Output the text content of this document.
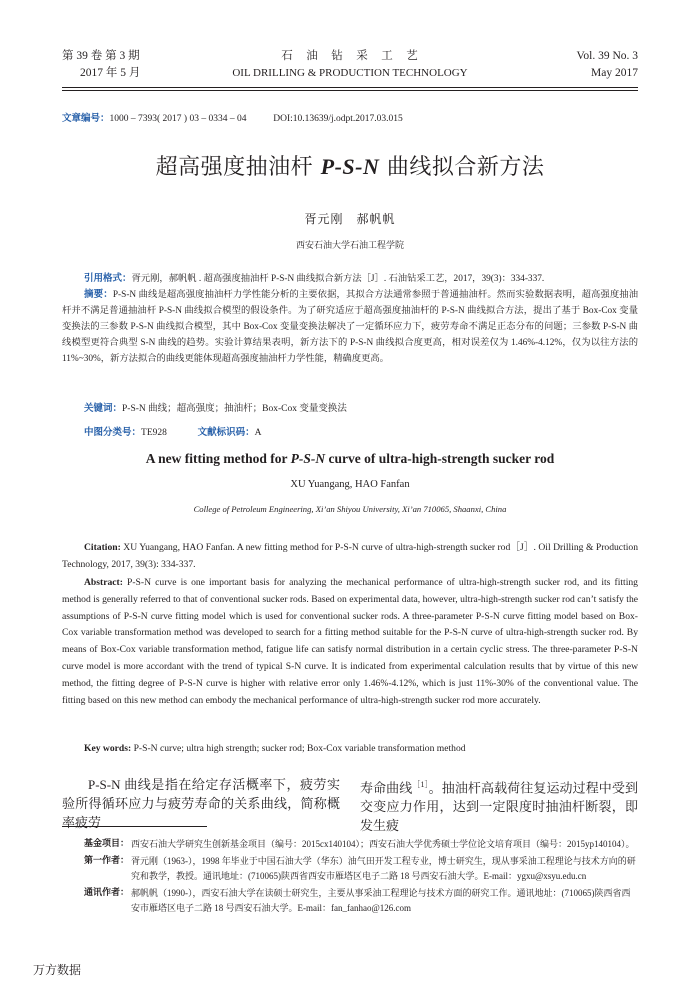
第 39 卷 第 3 期
2017 年 5 月
石　油　钻　采　工　艺
OIL DRILLING & PRODUCTION TECHNOLOGY
Vol. 39 No. 3
May 2017
文章编号：1000 – 7393( 2017 ) 03 – 0334 – 04	DOI:10.13639/j.odpt.2017.03.015
超高强度抽油杆 P-S-N 曲线拟合新方法
胥元刚　郝帆帆
西安石油大学石油工程学院
引用格式：胥元刚，郝帆帆 . 超高强度抽油杆 P-S-N 曲线拟合新方法［J］. 石油钻采工艺，2017，39(3)：334-337.
摘要：P-S-N 曲线是超高强度抽油杆力学性能分析的主要依据，其拟合方法通常参照于普通抽油杆。然而实验数据表明，超高强度抽油杆并不满足普通抽油杆 P-S-N 曲线拟合模型的假设条件。为了研究适应于超高强度抽油杆的 P-S-N 曲线拟合方法，提出了基于 Box-Cox 变量变换法的三参数 P-S-N 曲线拟合模型，其中 Box-Cox 变量变换法解决了一定循环应力下，疲劳寿命不满足正态分布的问题；三参数 P-S-N 曲线模型更符合典型 S-N 曲线的趋势。实验计算结果表明，新方法下的 P-S-N 曲线拟合度更高，相对误差仅为 1.46%-4.12%，仅为以往方法的 11%~30%，新方法拟合的曲线更能体现超高强度抽油杆力学性能，精确度更高。
关键词：P-S-N 曲线；超高强度；抽油杆；Box-Cox 变量变换法
中图分类号：TE928	文献标识码：A
A new fitting method for P-S-N curve of ultra-high-strength sucker rod
XU Yuangang, HAO Fanfan
College of Petroleum Engineering, Xi’an Shiyou University, Xi’an 710065, Shaanxi, China
Citation: XU Yuangang, HAO Fanfan. A new fitting method for P-S-N curve of ultra-high-strength sucker rod［J］. Oil Drilling & Production Technology, 2017, 39(3): 334-337.
Abstract: P-S-N curve is one important basis for analyzing the mechanical performance of ultra-high-strength sucker rod, and its fitting method is generally referred to that of conventional sucker rods. Based on experimental data, however, ultra-high-strength sucker rod can’t satisfy the assumptions of P-S-N curve fitting model which is used for conventional sucker rods. A three-parameter P-S-N curve fitting model based on Box-Cox variable transformation method was developed to search for a fitting method suitable for the P-S-N curve of ultra-high-strength sucker rod. By means of Box-Cox variable transformation method, fatigue life can satisfy normal distribution in a certain cyclic stress. The three-parameter P-S-N curve model is more accordant with the trend of typical S-N curve. It is indicated from experimental calculation results that by virtue of this new method, the fitting degree of P-S-N curve is higher with relative error only 1.46%-4.12%, which is just 11%-30% of the conventional value. The fitting based on this new method can embody the mechanical performance of ultra-high-strength sucker rod more accurately.
Key words: P-S-N curve; ultra high strength; sucker rod; Box-Cox variable transformation method
P-S-N 曲线是指在给定存活概率下，疲劳实验所得循环应力与疲劳寿命的关系曲线，简称概率疲劳
寿命曲线$^{[1]}$。抽油杆高载荷往复运动过程中受到交变应力作用，达到一定限度时抽油杆断裂，即发生疲
基金项目： 西安石油大学研究生创新基金项目（编号：2015cx140104）；西安石油大学优秀硕士学位论文培育项目（编号：2015yp140104）。
第一作者： 胥元刚（1963-），1998 年毕业于中国石油大学（华东）油气田开发工程专业，博士研究生，现从事采油工程理论与技术方向的研究和教学，教授。通讯地址：(710065)陕西省西安市雁塔区电子二路 18 号西安石油大学。E-mail：ygxu@xsyu.edu.cn
通讯作者： 郝帆帆（1990-），西安石油大学在读硕士研究生，主要从事采油工程理论与技术方面的研究工作。通讯地址：(710065)陕西省西安市雁塔区电子二路 18 号西安石油大学。E-mail：fan_fanhao@126.com
万方数据
